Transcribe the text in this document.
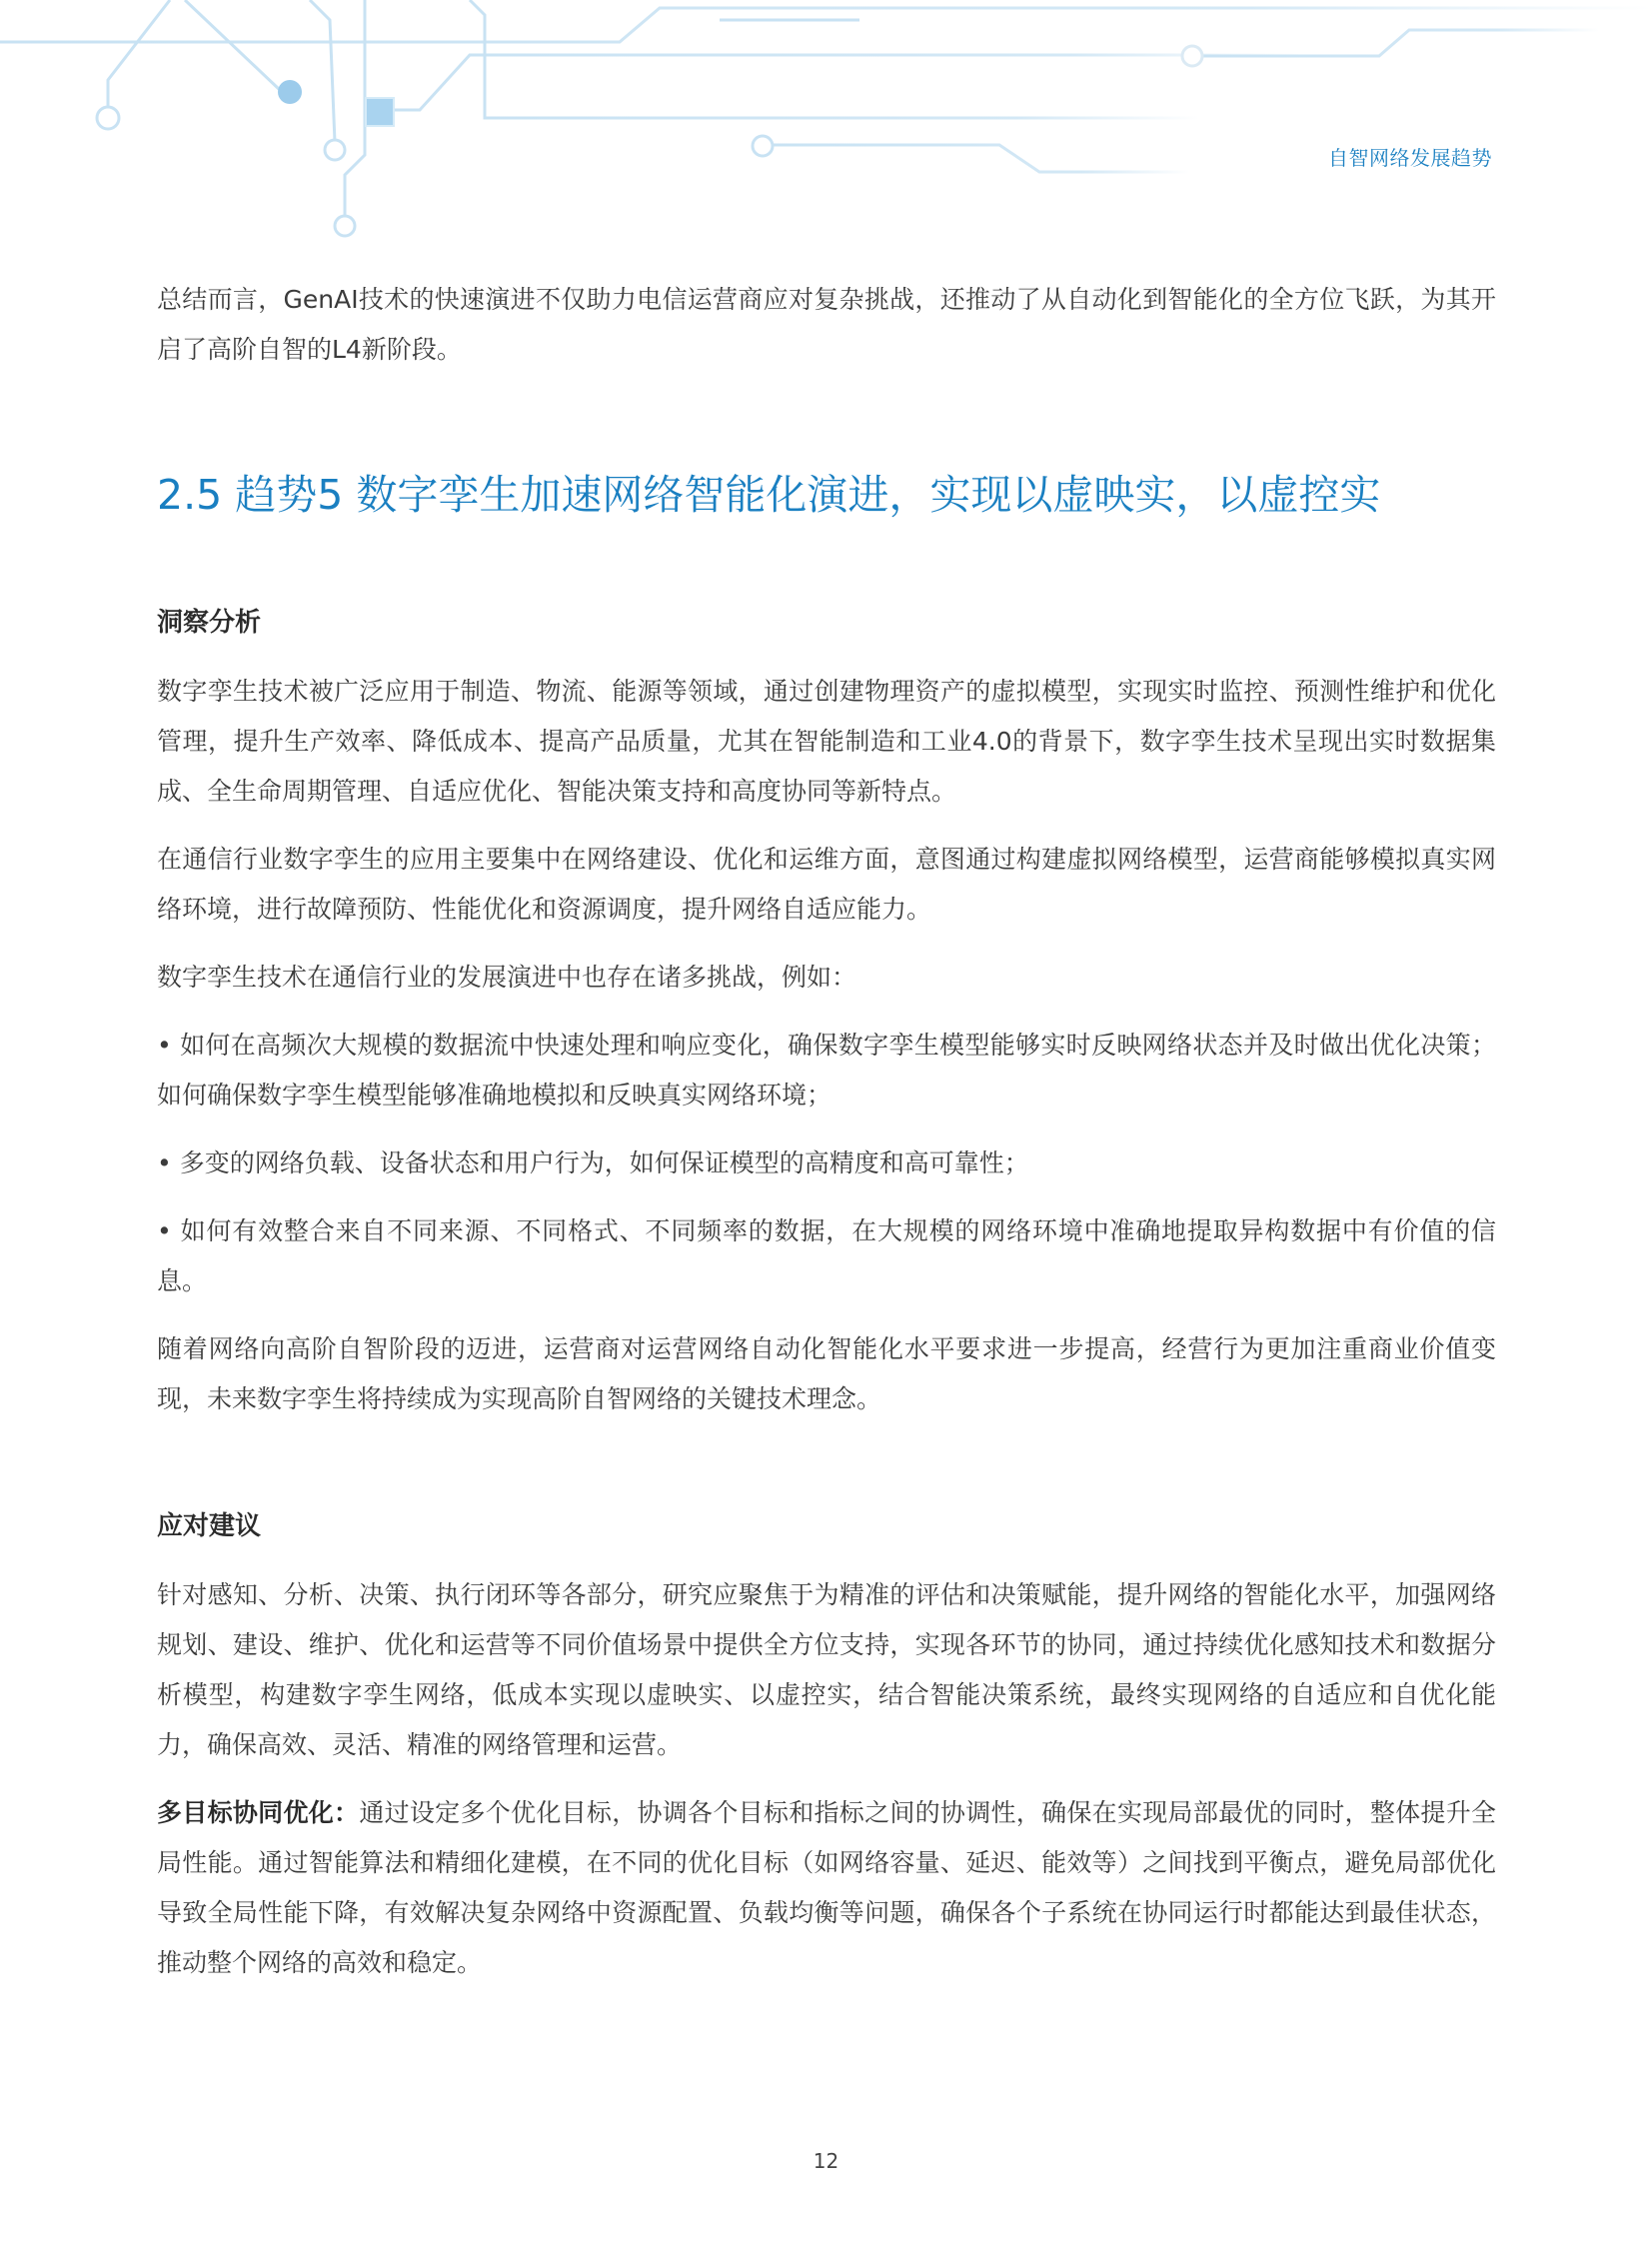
自智网络发展趋势

总结而言，GenAI技术的快速演进不仅助力电信运营商应对复杂挑战，还推动了从自动化到智能化的全方位飞跃，为其开启了高阶自智的L4新阶段。

2.5 趋势5 数字孪生加速网络智能化演进，实现以虚映实，以虚控实
洞察分析

数字孪生技术被广泛应用于制造、物流、能源等领域，通过创建物理资产的虚拟模型，实现实时监控、预测性维护和优化管理，提升生产效率、降低成本、提高产品质量，尤其在智能制造和工业4.0的背景下，数字孪生技术呈现出实时数据集成、全生命周期管理、自适应优化、智能决策支持和高度协同等新特点。

在通信行业数字孪生的应用主要集中在网络建设、优化和运维方面，意图通过构建虚拟网络模型，运营商能够模拟真实网络环境，进行故障预防、性能优化和资源调度，提升网络自适应能力。

数字孪生技术在通信行业的发展演进中也存在诸多挑战，例如：

• 如何在高频次大规模的数据流中快速处理和响应变化，确保数字孪生模型能够实时反映网络状态并及时做出优化决策；如何确保数字孪生模型能够准确地模拟和反映真实网络环境；

• 多变的网络负载、设备状态和用户行为，如何保证模型的高精度和高可靠性；

• 如何有效整合来自不同来源、不同格式、不同频率的数据，在大规模的网络环境中准确地提取异构数据中有价值的信息。

随着网络向高阶自智阶段的迈进，运营商对运营网络自动化智能化水平要求进一步提高，经营行为更加注重商业价值变现，未来数字孪生将持续成为实现高阶自智网络的关键技术理念。

应对建议

针对感知、分析、决策、执行闭环等各部分，研究应聚焦于为精准的评估和决策赋能，提升网络的智能化水平，加强网络规划、建设、维护、优化和运营等不同价值场景中提供全方位支持，实现各环节的协同，通过持续优化感知技术和数据分析模型，构建数字孪生网络，低成本实现以虚映实、以虚控实，结合智能决策系统，最终实现网络的自适应和自优化能力，确保高效、灵活、精准的网络管理和运营。

多目标协同优化：通过设定多个优化目标，协调各个目标和指标之间的协调性，确保在实现局部最优的同时，整体提升全局性能。通过智能算法和精细化建模，在不同的优化目标（如网络容量、延迟、能效等）之间找到平衡点，避免局部优化导致全局性能下降，有效解决复杂网络中资源配置、负载均衡等问题，确保各个子系统在协同运行时都能达到最佳状态，推动整个网络的高效和稳定。

12
